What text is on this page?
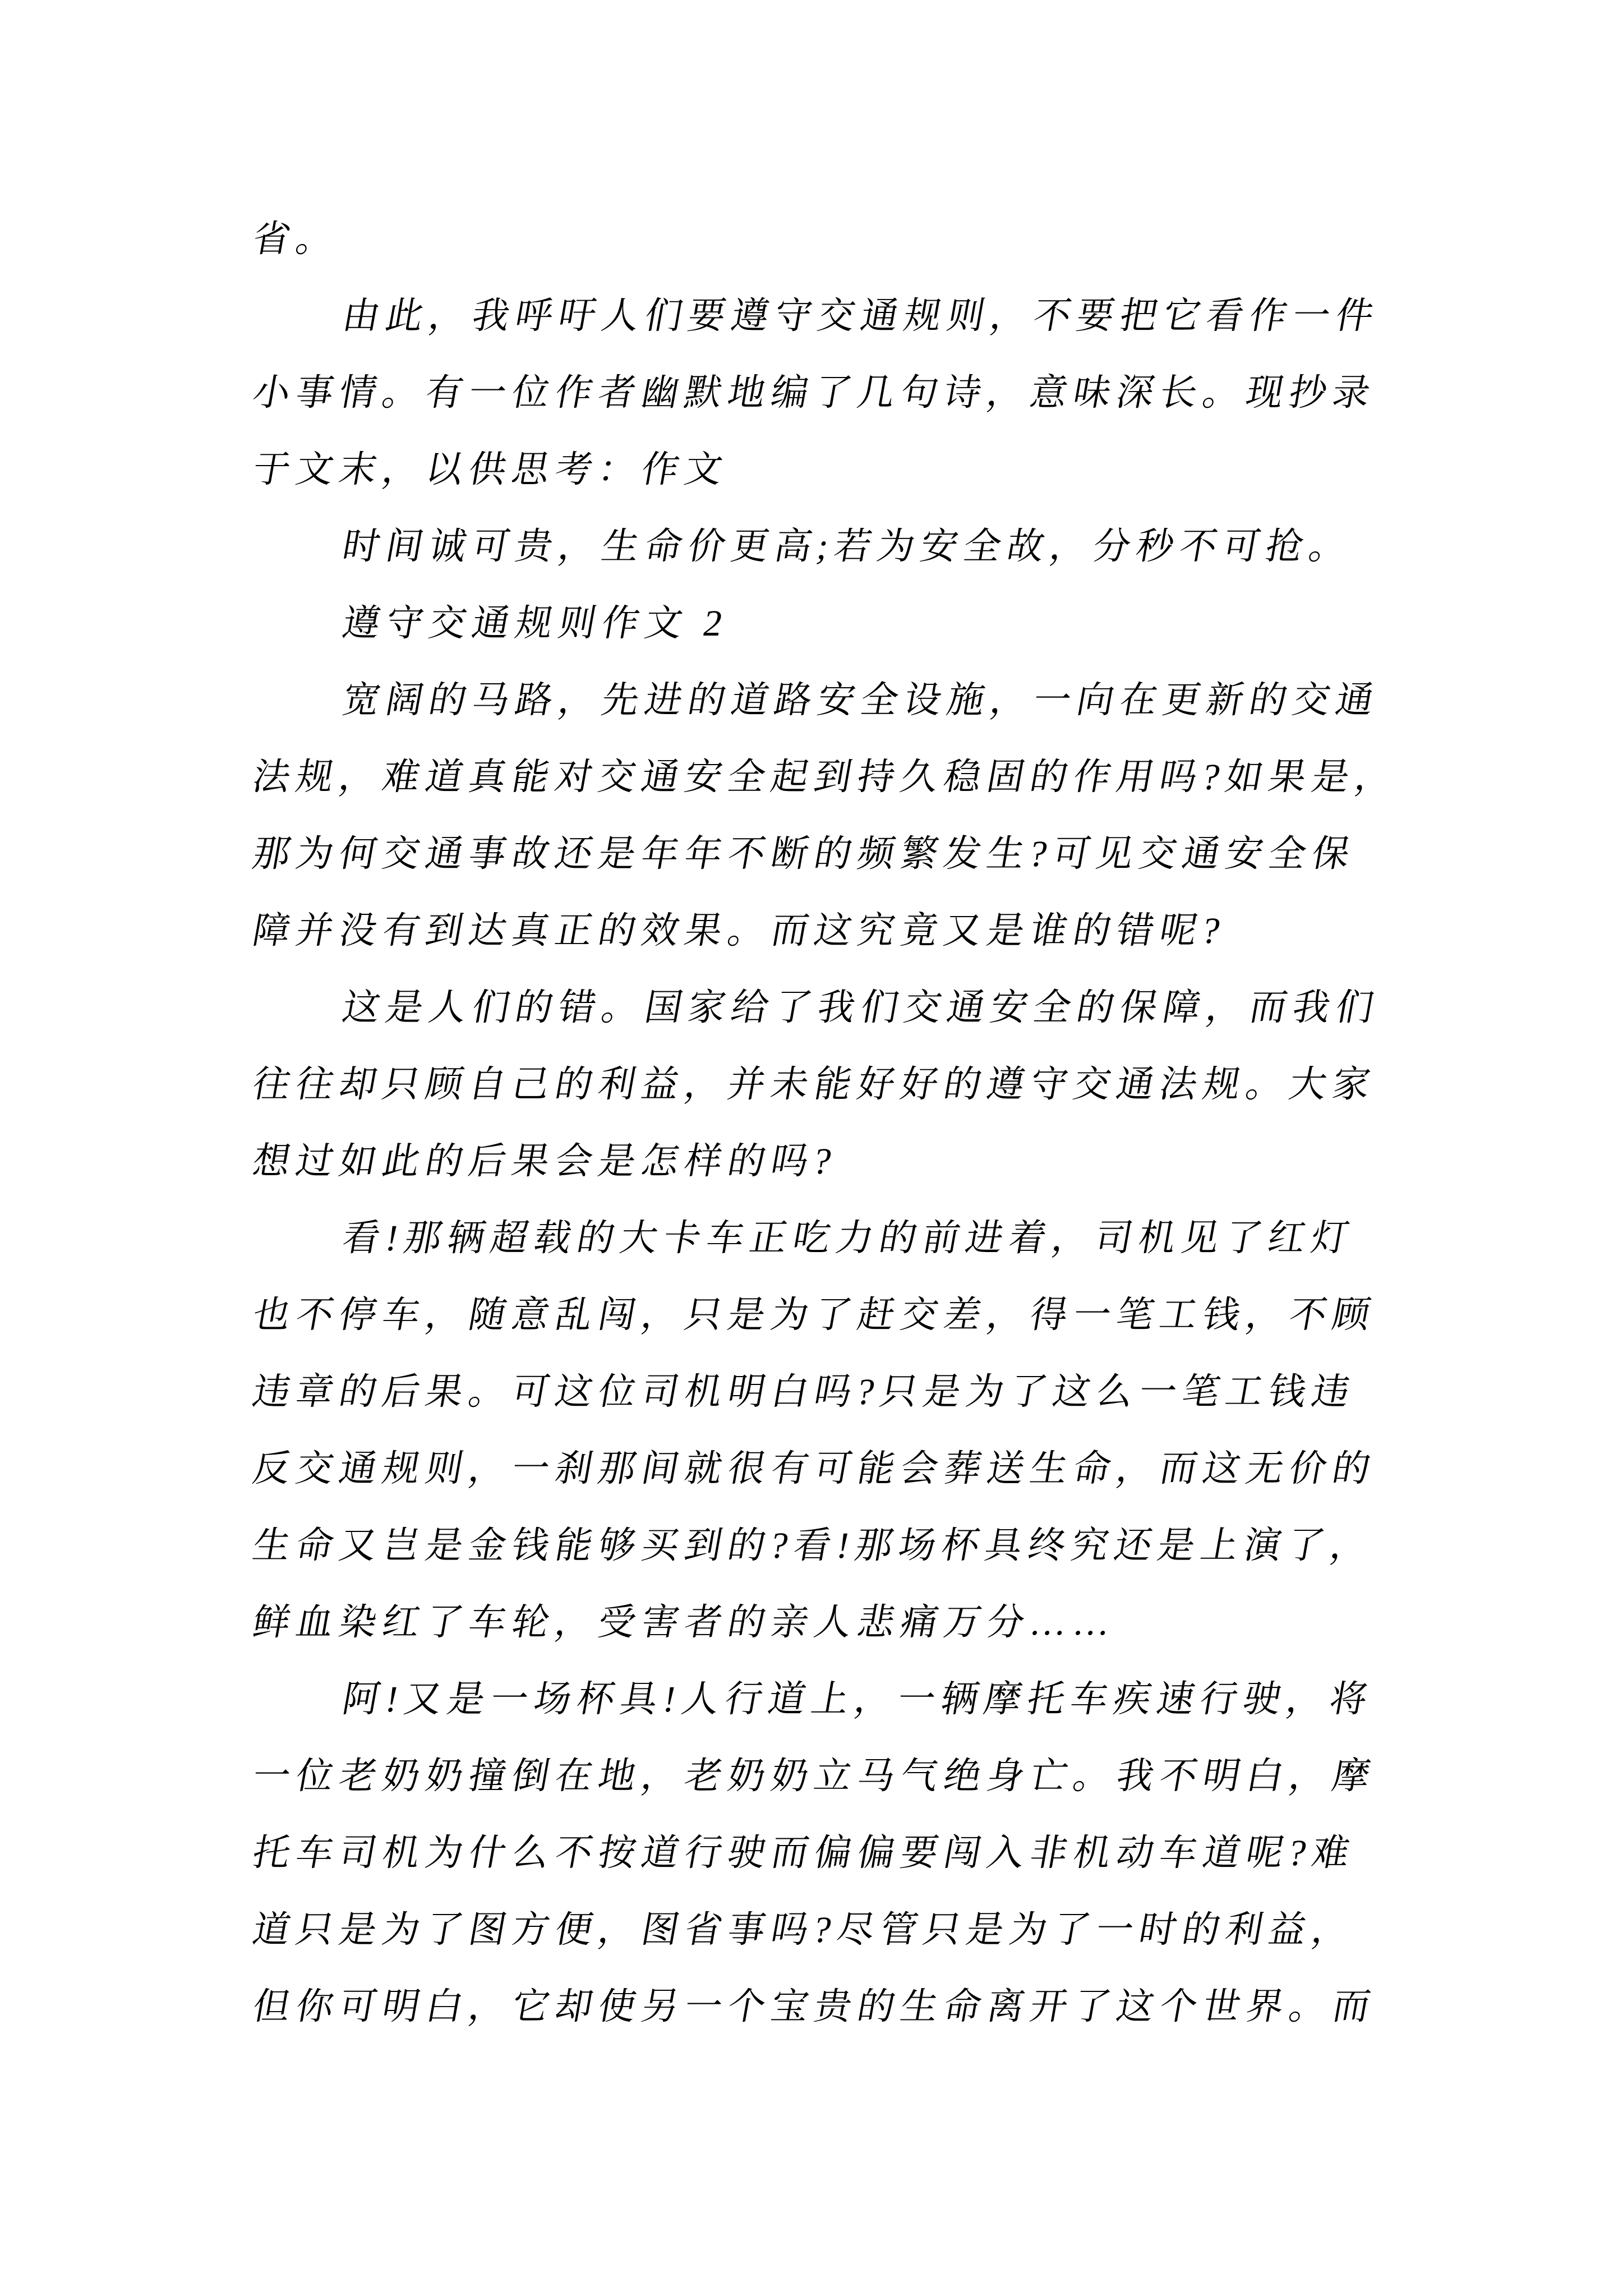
省。
由此，我呼吁人们要遵守交通规则，不要把它看作一件
小事情。有一位作者幽默地编了几句诗，意味深长。现抄录
于文末，以供思考：作文
时间诚可贵，生命价更高;若为安全故，分秒不可抢。
遵守交通规则作文 2
宽阔的马路，先进的道路安全设施，一向在更新的交通
法规，难道真能对交通安全起到持久稳固的作用吗?如果是，
那为何交通事故还是年年不断的频繁发生?可见交通安全保
障并没有到达真正的效果。而这究竟又是谁的错呢?
这是人们的错。国家给了我们交通安全的保障，而我们
往往却只顾自己的利益，并未能好好的遵守交通法规。大家
想过如此的后果会是怎样的吗?
看!那辆超载的大卡车正吃力的前进着，司机见了红灯
也不停车，随意乱闯，只是为了赶交差，得一笔工钱，不顾
违章的后果。可这位司机明白吗?只是为了这么一笔工钱违
反交通规则，一刹那间就很有可能会葬送生命，而这无价的
生命又岂是金钱能够买到的?看!那场杯具终究还是上演了，
鲜血染红了车轮，受害者的亲人悲痛万分……
阿!又是一场杯具!人行道上，一辆摩托车疾速行驶，将
一位老奶奶撞倒在地，老奶奶立马气绝身亡。我不明白，摩
托车司机为什么不按道行驶而偏偏要闯入非机动车道呢?难
道只是为了图方便，图省事吗?尽管只是为了一时的利益，
但你可明白，它却使另一个宝贵的生命离开了这个世界。而
